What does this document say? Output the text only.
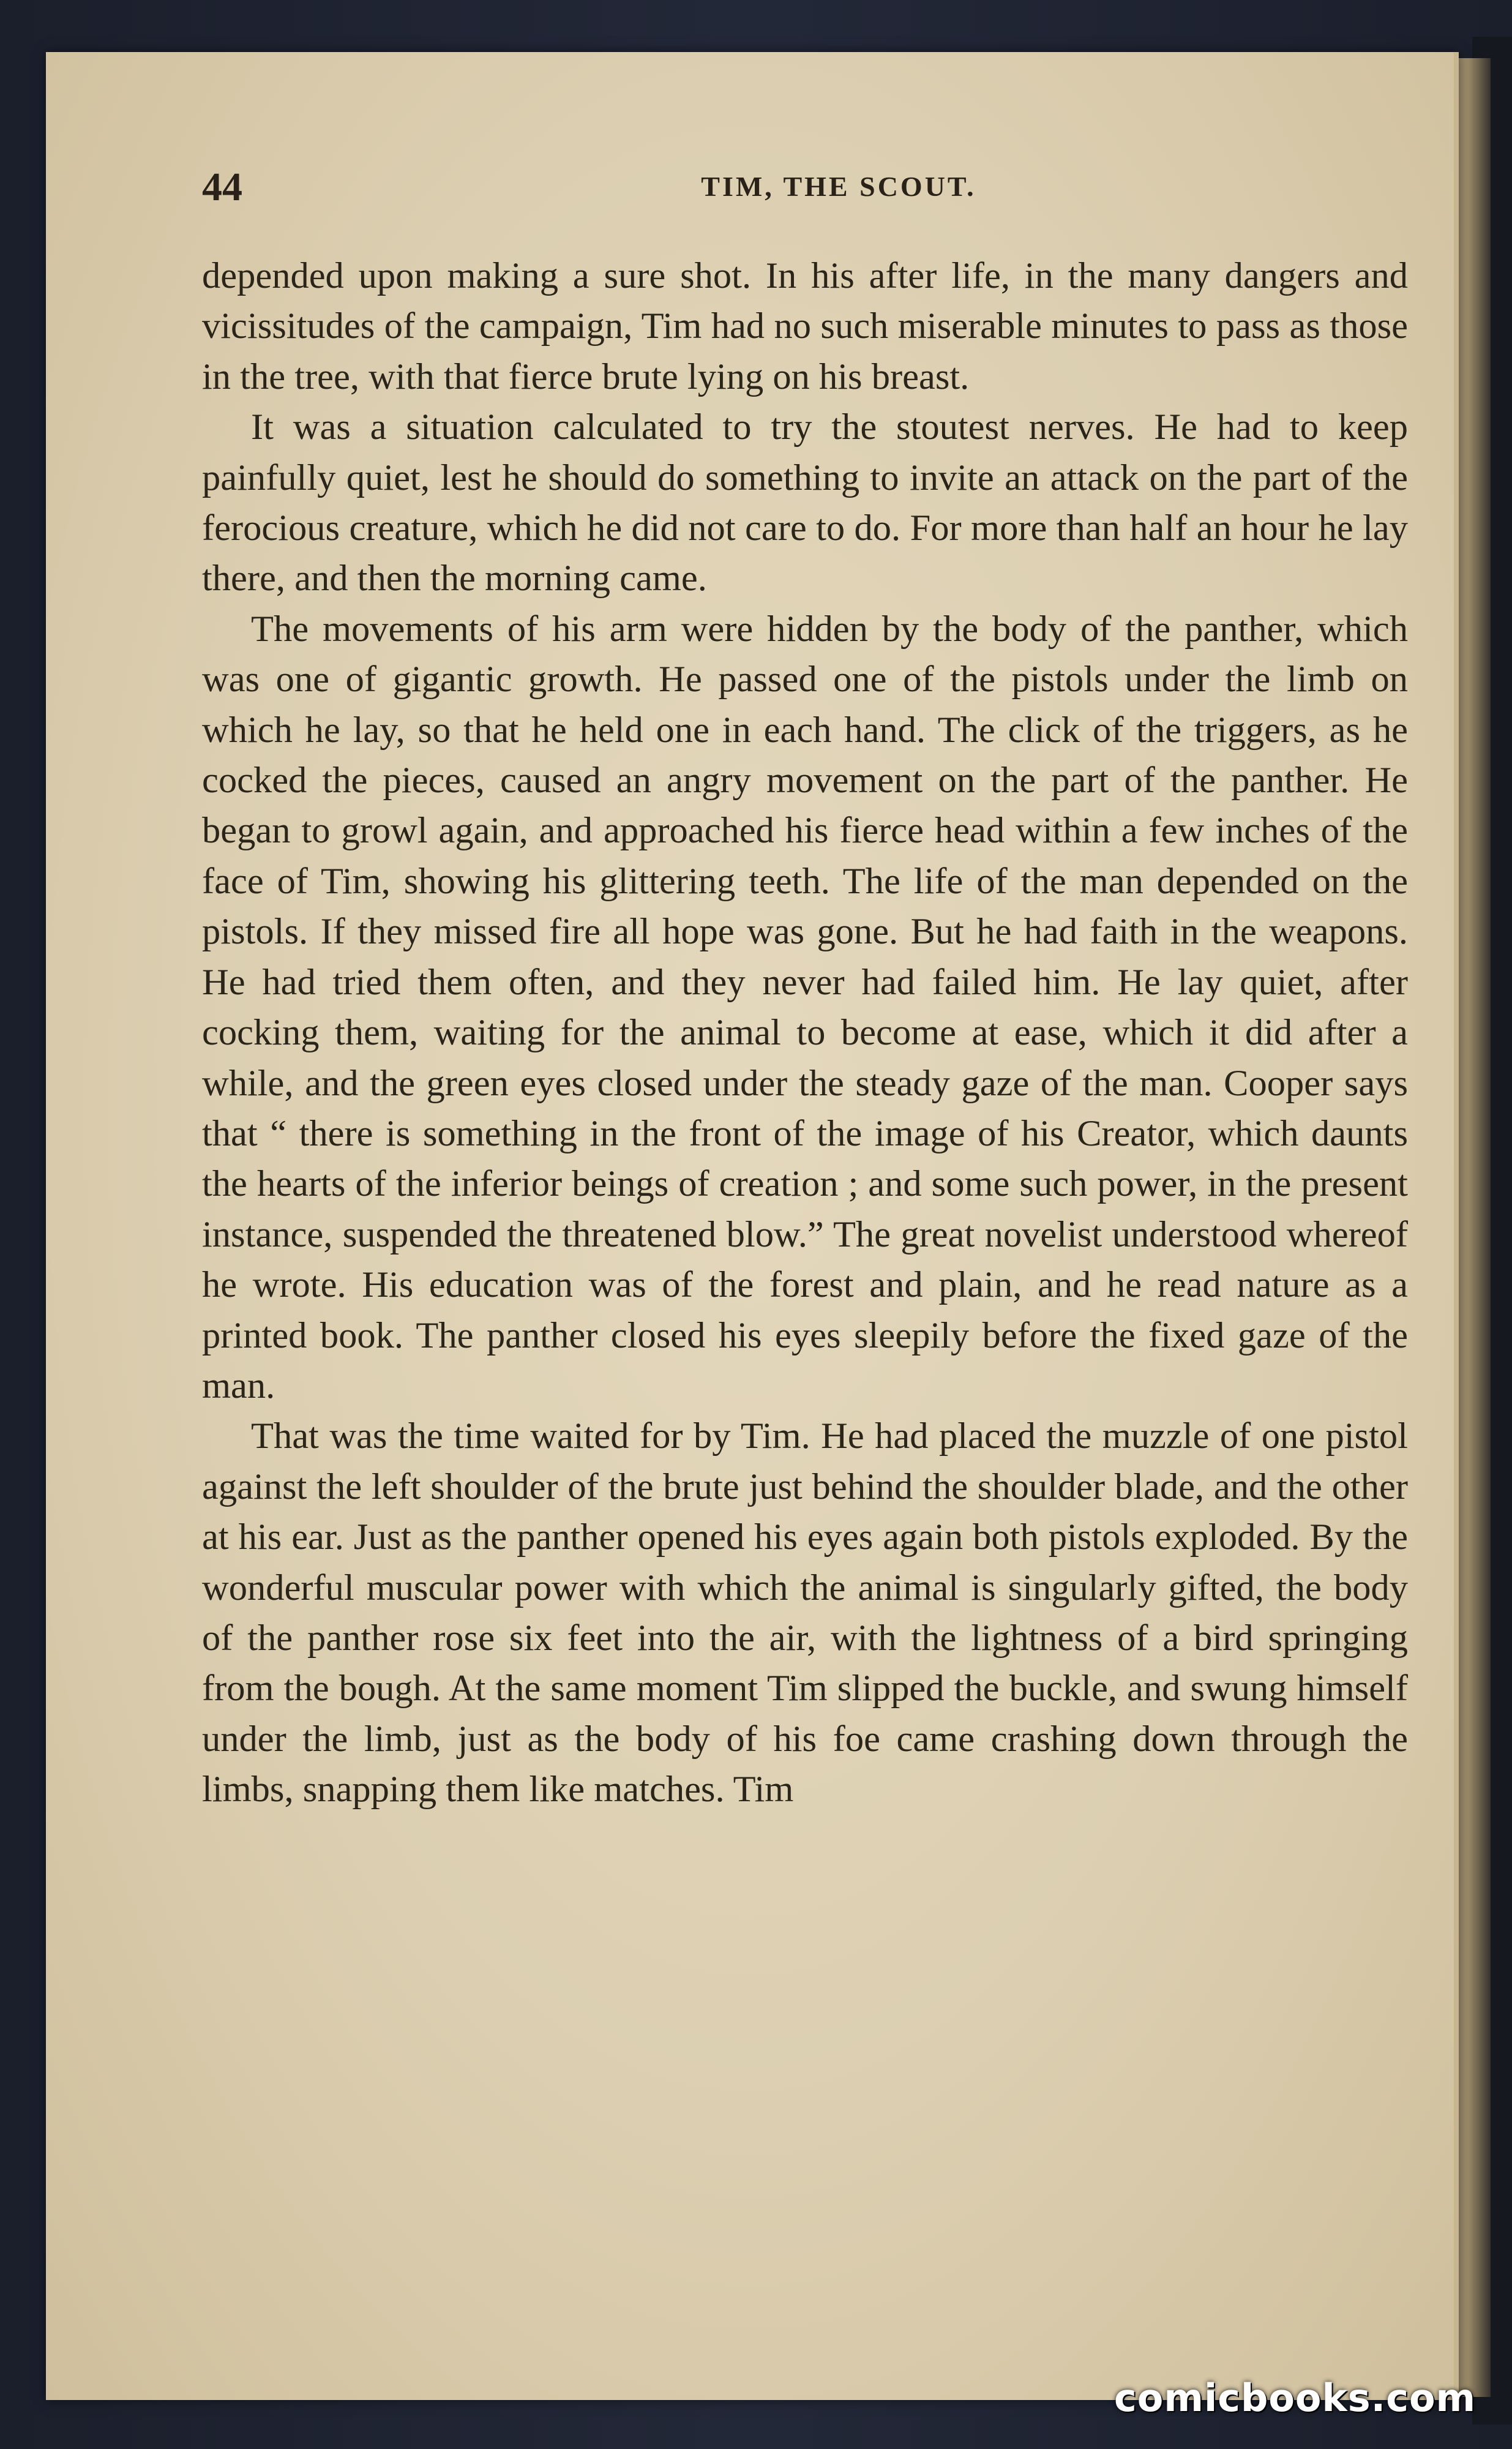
44	TIM, THE SCOUT.

depended upon making a sure shot. In his after life, in the many dangers and vicissitudes of the campaign, Tim had no such miserable minutes to pass as those in the tree, with that fierce brute lying on his breast.

It was a situation calculated to try the stoutest nerves. He had to keep painfully quiet, lest he should do something to invite an attack on the part of the ferocious creature, which he did not care to do. For more than half an hour he lay there, and then the morning came.

The movements of his arm were hidden by the body of the panther, which was one of gigantic growth. He passed one of the pistols under the limb on which he lay, so that he held one in each hand. The click of the triggers, as he cocked the pieces, caused an angry movement on the part of the panther. He began to growl again, and approached his fierce head within a few inches of the face of Tim, showing his glittering teeth. The life of the man depended on the pistols. If they missed fire all hope was gone. But he had faith in the weapons. He had tried them often, and they never had failed him. He lay quiet, after cocking them, waiting for the animal to become at ease, which it did after a while, and the green eyes closed under the steady gaze of the man. Cooper says that “ there is something in the front of the image of his Creator, which daunts the hearts of the inferior beings of creation ; and some such power, in the present instance, suspended the threatened blow.” The great novelist understood whereof he wrote. His education was of the forest and plain, and he read nature as a printed book. The panther closed his eyes sleepily before the fixed gaze of the man.

That was the time waited for by Tim. He had placed the muzzle of one pistol against the left shoulder of the brute just behind the shoulder blade, and the other at his ear. Just as the panther opened his eyes again both pistols exploded. By the wonderful muscular power with which the animal is singularly gifted, the body of the panther rose six feet into the air, with the lightness of a bird springing from the bough. At the same moment Tim slipped the buckle, and swung himself under the limb, just as the body of his foe came crashing down through the limbs, snapping them like matches. Tim

comicbooks.com
